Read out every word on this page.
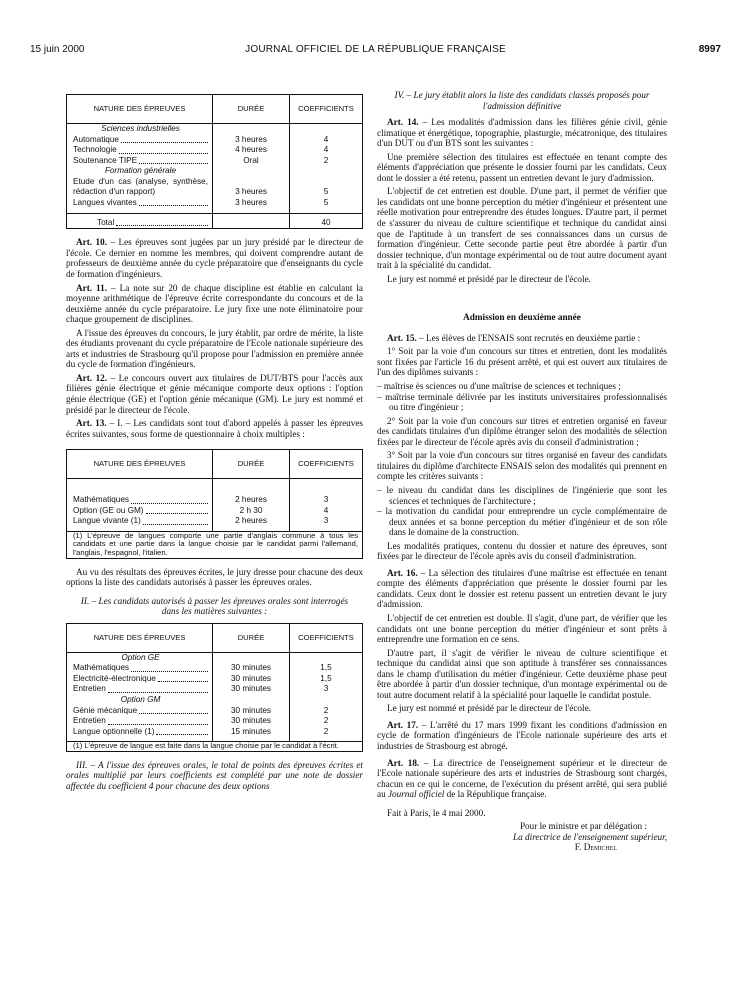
15 juin 2000	JOURNAL OFFICIEL DE LA RÉPUBLIQUE FRANÇAISE	8997
NATURE DES ÉPREUVES	DURÉE	COEFFICIENTS
Sciences industrielles		

Automatique	3 heures	4

Technologie	4 heures	4

Soutenance TIPE	Oral	2
Formation générale		
Etude d'un cas (analyse, synthèse, rédaction d'un rapport)	3 heures	5

Langues vivantes	3 heures	5

Total		40

Art. 10. – Les épreuves sont jugées par un jury présidé par le directeur de l'école. Ce dernier en nomme les membres, qui doivent comprendre autant de professeurs de deuxième année du cycle préparatoire que d'enseignants du cycle de formation d'ingénieurs.

Art. 11. – La note sur 20 de chaque discipline est établie en calculant la moyenne arithmétique de l'épreuve écrite correspondante du concours et de la deuxième année du cycle préparatoire. Le jury fixe une note éliminatoire pour chaque groupement de disciplines.

A l'issue des épreuves du concours, le jury établit, par ordre de mérite, la liste des étudiants provenant du cycle préparatoire de l'Ecole nationale supérieure des arts et industries de Strasbourg qu'il propose pour l'admission en première année du cycle de formation d'ingénieurs.

Art. 12. – Le concours ouvert aux titulaires de DUT/BTS pour l'accès aux filières génie électrique et génie mécanique comporte deux options : l'option génie électrique (GE) et l'option génie mécanique (GM). Le jury est nommé et présidé par le directeur de l'école.

Art. 13. – I. – Les candidats sont tout d'abord appelés à passer les épreuves écrites suivantes, sous forme de questionnaire à choix multiples :

NATURE DES ÉPREUVES	DURÉE	COEFFICIENTS

Mathématiques	2 heures	3

Option (GE ou GM)	2 h 30	4

Langue vivante (1)	2 heures	3
(1) L'épreuve de langues comporte une partie d'anglais commune à tous les candidats et une partie dans la langue choisie par le candidat parmi l'allemand, l'anglais, l'espagnol, l'italien.		

Au vu des résultats des épreuves écrites, le jury dresse pour chacune des deux options la liste des candidats autorisés à passer les épreuves orales.

II. – Les candidats autorisés à passer les épreuves orales sont interrogés dans les matières suivantes :

NATURE DES ÉPREUVES	DURÉE	COEFFICIENTS
Option GE		

Mathématiques	30 minutes	1,5

Electricité-électronique	30 minutes	1,5

Entretien	30 minutes	3
Option GM		

Génie mécanique	30 minutes	2

Entretien	30 minutes	2

Langue optionnelle (1)	15 minutes	2
(1) L'épreuve de langue est faite dans la langue choisie par le candidat à l'écrit.		

III. – A l'issue des épreuves orales, le total de points des épreuves écrites et orales multiplié par leurs coefficients est complété par une note de dossier affectée du coefficient 4 pour chacune des deux options

IV. – Le jury établit alors la liste des candidats classés proposés pour l'admission définitive

Art. 14. – Les modalités d'admission dans les filières génie civil, génie climatique et énergétique, topographie, plasturgie, mécatronique, des titulaires d'un DUT ou d'un BTS sont les suivantes :

Une première sélection des titulaires est effectuée en tenant compte des éléments d'appréciation que présente le dossier fourni par les candidats. Ceux dont le dossier a été retenu, passent un entretien devant le jury d'admission.

L'objectif de cet entretien est double. D'une part, il permet de vérifier que les candidats ont une bonne perception du métier d'ingénieur et présentent une réelle motivation pour entreprendre des études longues. D'autre part, il permet de s'assurer du niveau de culture scientifique et technique du candidat ainsi que de l'aptitude à un transfert de ses connaissances dans un cursus de formation d'ingénieur. Cette seconde partie peut être abordée à partir d'un dossier technique, d'un montage expérimental ou de tout autre document ayant trait à la spécialité du candidat.

Le jury est nommé et présidé par le directeur de l'école.

Admission en deuxième année

Art. 15. – Les élèves de l'ENSAIS sont recrutés en deuxième partie :

1° Soit par la voie d'un concours sur titres et entretien, dont les modalités sont fixées par l'article 16 du présent arrêté, et qui est ouvert aux titulaires de l'un des diplômes suivants :

– maîtrise ès sciences ou d'une maîtrise de sciences et techniques ;
– maîtrise terminale délivrée par les instituts universitaires professionnalisés ou titre d'ingénieur ;

2° Soit par la voie d'un concours sur titres et entretien organisé en faveur des candidats titulaires d'un diplôme étranger selon des modalités de sélection fixées par le directeur de l'école après avis du conseil d'administration ;

3° Soit par la voie d'un concours sur titres organisé en faveur des candidats titulaires du diplôme d'architecte ENSAIS selon des modalités qui prennent en compte les critères suivants :

– le niveau du candidat dans les disciplines de l'ingénierie que sont les sciences et techniques de l'architecture ;
– la motivation du candidat pour entreprendre un cycle complémentaire de deux années et sa bonne perception du métier d'ingénieur et de son rôle dans le domaine de la construction.

Les modalités pratiques, contenu du dossier et nature des épreuves, sont fixées par le directeur de l'école après avis du conseil d'administration.

Art. 16. – La sélection des titulaires d'une maîtrise est effectuée en tenant compte des éléments d'appréciation que présente le dossier fourni par les candidats. Ceux dont le dossier est retenu passent un entretien devant le jury d'admission.

L'objectif de cet entretien est double. Il s'agit, d'une part, de vérifier que les candidats ont une bonne perception du métier d'ingénieur et sont prêts à entreprendre une formation en ce sens.

D'autre part, il s'agit de vérifier le niveau de culture scientifique et technique du candidat ainsi que son aptitude à transférer ses connaissances dans le champ d'utilisation du métier d'ingénieur. Cette deuxième phase peut être abordée à partir d'un dossier technique, d'un montage expérimental ou de tout autre document relatif à la spécialité pour laquelle le candidat postule.

Le jury est nommé et présidé par le directeur de l'école.

Art. 17. – L'arrêté du 17 mars 1999 fixant les conditions d'admission en cycle de formation d'ingénieurs de l'Ecole nationale supérieure des arts et industries de Strasbourg est abrogé.

Art. 18. – La directrice de l'enseignement supérieur et le directeur de l'Ecole nationale supérieure des arts et industries de Strasbourg sont chargés, chacun en ce qui le concerne, de l'exécution du présent arrêté, qui sera publié au Journal officiel de la République française.

Fait à Paris, le 4 mai 2000.

Pour le ministre et par délégation :

La directrice de l'enseignement supérieur,

F. Demichel
